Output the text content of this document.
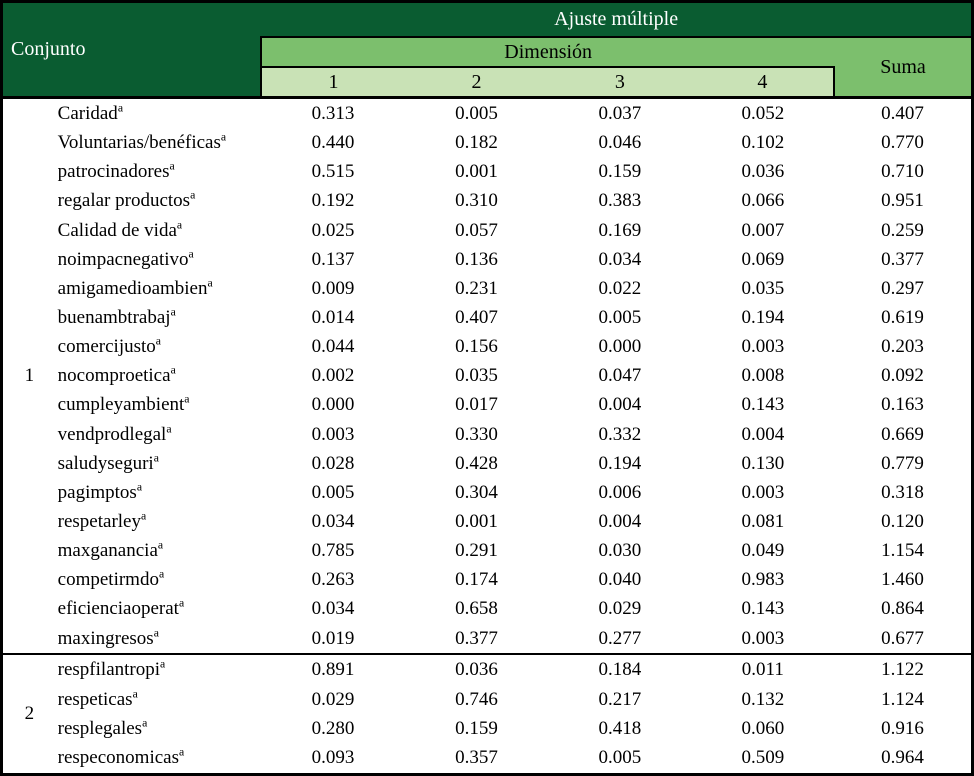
Conjunto		Ajuste múltiple				
		Dimensión				Suma
		1	2	3	4	
1	Caridad$^a$	0.313	0.005	0.037	0.052	0.407
	Voluntarias/benéficas$^a$	0.440	0.182	0.046	0.102	0.770
	patrocinadores$^a$	0.515	0.001	0.159	0.036	0.710
	regalar productos$^a$	0.192	0.310	0.383	0.066	0.951
	Calidad de vida$^a$	0.025	0.057	0.169	0.007	0.259
	noimpacnegativo$^a$	0.137	0.136	0.034	0.069	0.377
	amigamedioambien$^a$	0.009	0.231	0.022	0.035	0.297
	buenambtrabaj$^a$	0.014	0.407	0.005	0.194	0.619
	comercijusto$^a$	0.044	0.156	0.000	0.003	0.203
	nocomproetica$^a$	0.002	0.035	0.047	0.008	0.092
	cumpleyambient$^a$	0.000	0.017	0.004	0.143	0.163
	vendprodlegal$^a$	0.003	0.330	0.332	0.004	0.669
	saludyseguri$^a$	0.028	0.428	0.194	0.130	0.779
	pagimptos$^a$	0.005	0.304	0.006	0.003	0.318
	respetarley$^a$	0.034	0.001	0.004	0.081	0.120
	maxganancia$^a$	0.785	0.291	0.030	0.049	1.154
	competirmdo$^a$	0.263	0.174	0.040	0.983	1.460
	eficienciaoperat$^a$	0.034	0.658	0.029	0.143	0.864
	maxingresos$^a$	0.019	0.377	0.277	0.003	0.677
2	respfilantropi$^a$	0.891	0.036	0.184	0.011	1.122
	respeticas$^a$	0.029	0.746	0.217	0.132	1.124
	resplegales$^a$	0.280	0.159	0.418	0.060	0.916
	respeconomicas$^a$	0.093	0.357	0.005	0.509	0.964
